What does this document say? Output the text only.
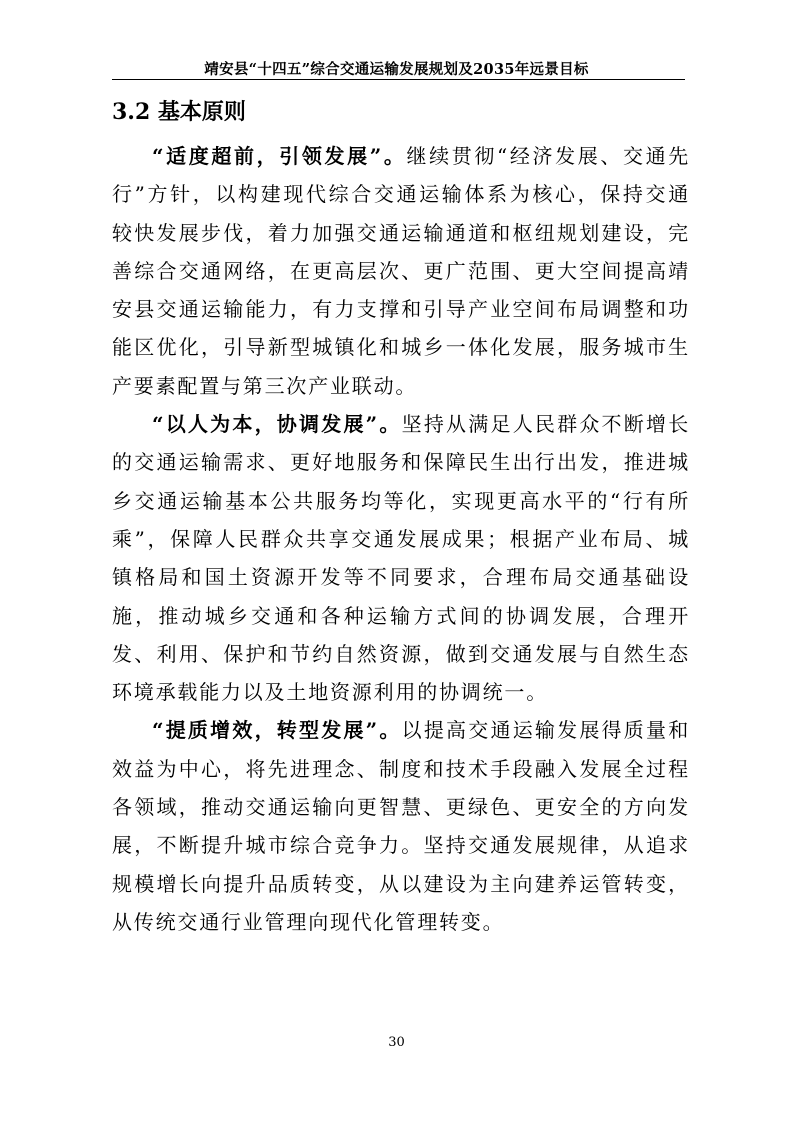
靖安县“十四五”综合交通运输发展规划及2035年远景目标
3.2 基本原则

“适度超前，引领发展”。继续贯彻“经济发展、交通先行”方针，以构建现代综合交通运输体系为核心，保持交通较快发展步伐，着力加强交通运输通道和枢纽规划建设，完善综合交通网络，在更高层次、更广范围、更大空间提高靖安县交通运输能力，有力支撑和引导产业空间布局调整和功能区优化，引导新型城镇化和城乡一体化发展，服务城市生产要素配置与第三次产业联动。

“以人为本，协调发展”。坚持从满足人民群众不断增长的交通运输需求、更好地服务和保障民生出行出发，推进城乡交通运输基本公共服务均等化，实现更高水平的“行有所乘”，保障人民群众共享交通发展成果；根据产业布局、城镇格局和国土资源开发等不同要求，合理布局交通基础设施，推动城乡交通和各种运输方式间的协调发展，合理开发、利用、保护和节约自然资源，做到交通发展与自然生态环境承载能力以及土地资源利用的协调统一。

“提质增效，转型发展”。以提高交通运输发展得质量和效益为中心，将先进理念、制度和技术手段融入发展全过程各领域，推动交通运输向更智慧、更绿色、更安全的方向发展，不断提升城市综合竞争力。坚持交通发展规律，从追求规模增长向提升品质转变，从以建设为主向建养运管转变，从传统交通行业管理向现代化管理转变。

30
